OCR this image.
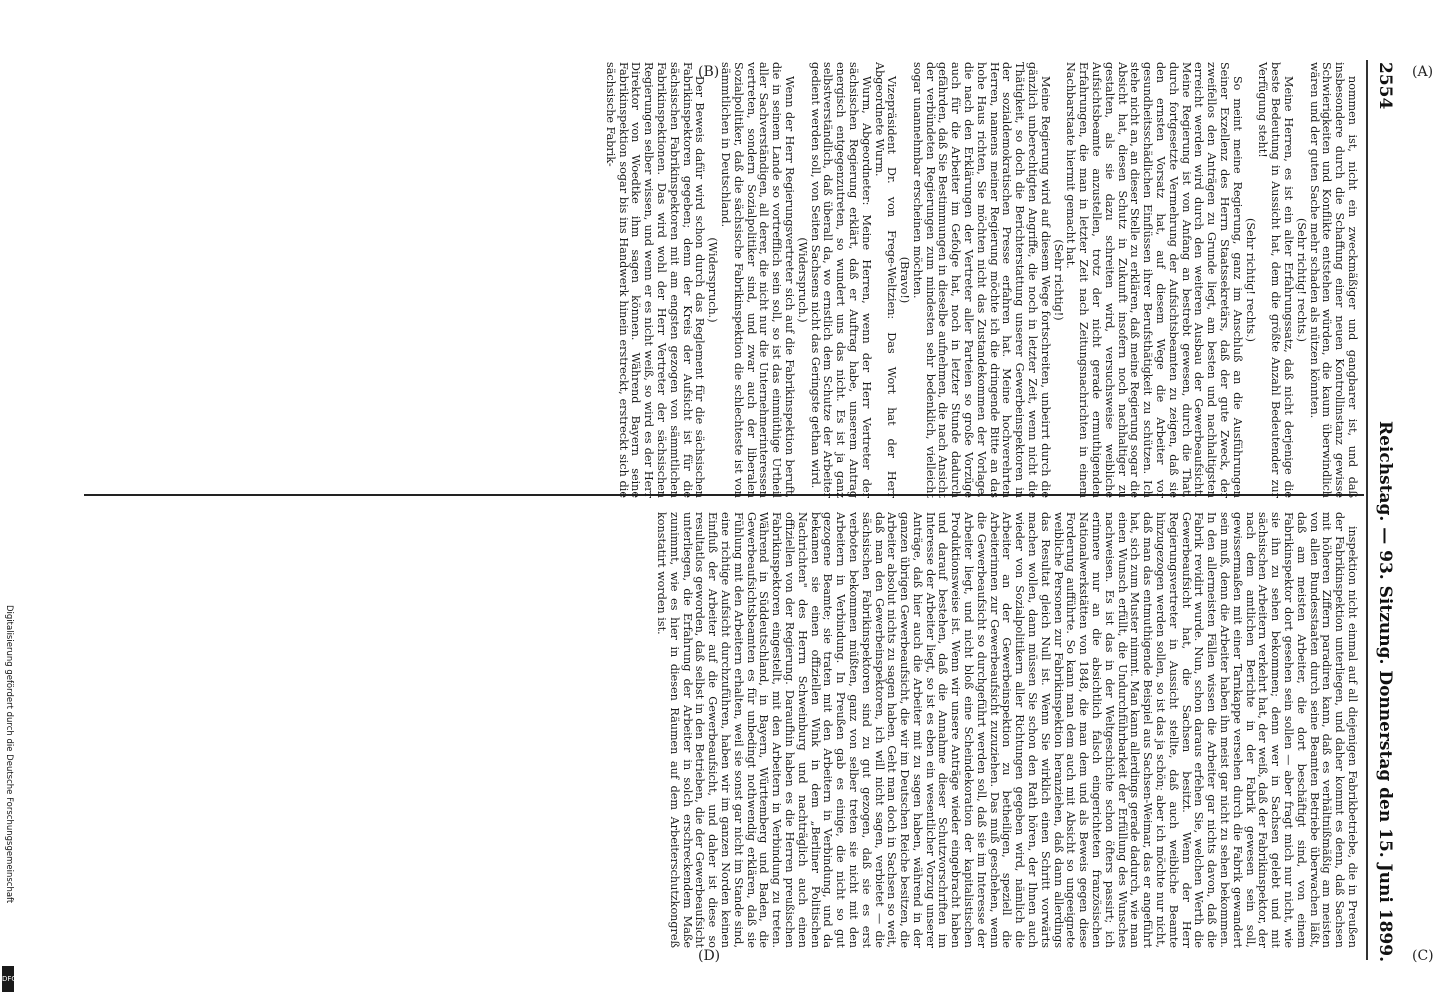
2554
Reichstag. — 93. Sitzung. Donnerstag den 15. Juni 1899.

nommen ist, nicht ein zweckmäßiger und gangbarer ist, und daß insbesondere durch die Schaffung einer neuen Kontrollinstanz gewisse Schwierigkeiten und Konflikte entstehen würden, die kaum überwindlich wären und der guten Sache mehr schaden als nützen könnten.

(Sehr richtig! rechts.)

Meine Herren, es ist ein alter Erfahrungssatz, daß nicht derjenige die beste Bedeutung in Aussicht hat, dem die größte Anzahl Bedeutender zur Verfügung steht!

(Sehr richtig! rechts.)

So meint meine Regierung, ganz im Anschluß an die Ausführungen Seiner Exzellenz des Herrn Staatssekretärs, daß der gute Zweck, der zweifellos den Anträgen zu Grunde liegt, am besten und nachhaltigsten erreicht werden wird durch den weiteren Ausbau der Gewerbeaufsicht. Meine Regierung ist von Anfang an bestrebt gewesen, durch die That, durch fortgesetzte Vermehrung der Aufsichtsbeamten zu zeigen, daß sie den ernsten Vorsatz hat, auf diesem Wege die Arbeiter vor gesundheitsschädlichen Einflüssen ihrer Berufsthätigkeit zu schützen. Ich stehe nicht an, an dieser Stelle zu erklären, daß meine Regierung sogar die Absicht hat, diesen Schutz in Zukunft insofern noch nachhaltiger zu gestalten, als sie dazu schreiten wird, versuchsweise weibliche Aufsichtsbeamte anzustellen, trotz der nicht gerade ermuthigenden Erfahrungen, die man in letzter Zeit nach Zeitungsnachrichten in einem Nachbarstaate hiermit gemacht hat.

(Sehr richtig!)

Meine Regierung wird auf diesem Wege fortschreiten, unbeirrt durch die gänzlich unberechtigten Angriffe, die noch in letzter Zeit, wenn nicht die Thätigkeit, so doch die Berichterstattung unserer Gewerbeinspektoren in der sozialdemokratischen Presse erfahren hat. Meine hochverehrten Herren, namens meiner Regierung möchte ich die dringende Bitte an das hohe Haus richten, Sie möchten nicht das Zustandekommen der Vorlage, die nach den Erklärungen der Vertreter aller Parteien so große Vorzüge auch für die Arbeiter im Gefolge hat, noch in letzter Stunde dadurch gefährden, daß Sie Bestimmungen in dieselbe aufnehmen, die nach Ansicht der verbündeten Regierungen zum mindesten sehr bedenklich, vielleicht sogar unannehmbar erscheinen möchten.

(Bravo!)

Vizepräsident Dr. von Frege-Weltzien: Das Wort hat der Herr Abgeordnete Wurm.

Wurm, Abgeordneter: Meine Herren, wenn der Herr Vertreter der sächsischen Regierung erklärt, daß er Auftrag habe, unserem Antrag energisch entgegenzutreten, so wundert uns das nicht. Es ist ja ganz selbstverständlich, daß überall da, wo ernstlich dem Schutze der Arbeiter gedient werden soll, von Seiten Sachsens nicht das Geringste gethan wird.

(Widerspruch.)

Wenn der Herr Regierungsvertreter sich auf die Fabrikinspektion beruft, die in seinem Lande so vortrefflich sein soll, so ist das einmüthige Urtheil aller Sachverständigen, all derer, die nicht nur die Unternehmerinteressen vertreten, sondern Sozialpolitiker sind, und zwar auch der liberalen Sozialpolitiker, daß die sächsische Fabrikinspektion die schlechteste ist von sämmtlichen in Deutschland.

(Widerspruch.)

Der Beweis dafür wird schon durch das Reglement für die sächsischen Fabrikinspektoren gegeben; denn der Kreis der Aufsicht ist für die sächsischen Fabrikinspektoren mit am engsten gezogen von sämmtlichen Fabrikinspektionen. Das wird wohl der Herr Vertreter der sächsischen Regierungen selber wissen, und wenn er es nicht weiß, so wird es der Herr Direktor von Woedtke ihm sagen können. Während Bayern seine Fabrikinspektion sogar bis ins Handwerk hinein erstreckt, erstreckt sich die sächsische Fabrik-

inspektion nicht einmal auf all diejenigen Fabrikbetriebe, die in Preußen der Fabrikinspektion unterliegen, und daher kommt es denn, daß Sachsen mit höheren Ziffern paradiren kann, daß es verhältnißmäßig am meisten von allen Bundesstaaten durch seine Beamten Betriebe überwachen läßt, daß am meisten Arbeiter, die dort beschäftigt sind, von einem Fabrikinspektor dort gesehen sein sollen — aber fragt mich nur nicht, wie sie ihn zu sehen bekommen; denn wer in Sachsen gelebt und mit sächsischen Arbeitern verkehrt hat, der weiß, daß der Fabrikinspektor, der nach dem amtlichen Berichte in der Fabrik gewesen sein soll, gewissermaßen mit einer Tarnkappe versehen durch die Fabrik gewandert sein muß, denn die Arbeiter haben ihn meist gar nicht zu sehen bekommen. In den allermeisten Fällen wissen die Arbeiter gar nichts davon, daß die Fabrik revidirt wurde. Nun, schon daraus erfehen Sie, welchen Werth die Gewerbeaufsicht hat, die Sachsen besitzt. Wenn der Herr Regierungsvertreter in Aussicht stellte, daß auch weibliche Beamte hinzugezogen werden sollen, so ist das ja schön; aber ich möchte nur nicht, daß man das entmuthigende Beispiel aus Sachsen-Weimar, das er angeführt hat, sich zum Muster nimmt. Man kann allerdings gerade dadurch, wie man einen Wunsch erfüllt, die Undurchführbarkeit der Erfüllung des Wunsches nachweisen. Es ist das in der Weltgeschichte schon öfters passirt; ich erinnere nur an die absichtlich falsch eingerichteten französischen Nationalwerkstätten von 1848, die man dem und als Beweis gegen diese Forderung aufführte. So kann man dem auch mit Absicht so ungeeignete weibliche Personen zur Fabrikinspektion heranziehen, daß dann allerdings das Resultat gleich Null ist. Wenn Sie wirklich einen Schritt vorwärts machen wollen, dann müssen Sie schon den Rath hören, der Ihnen auch wieder von Sozialpolitikern aller Richtungen gegeben wird, nämlich die Arbeiter an der Gewerbeinspektion zu betheiligen, speziell die Arbeiterinnen zur Gewerbeaufsicht zuzuziehen. Das muß geschehen, wenn die Gewerbeaufsicht so durchgeführt werden soll, daß sie im Interesse der Arbeiter liegt, und nicht bloß eine Scheindekoration der kapitalistischen Produktionsweise ist. Wenn wir unsere Anträge wieder eingebracht haben und darauf bestehen, daß die Annahme dieser Schutzvorschriften im Interesse der Arbeiter liegt, so ist es eben ein wesentlicher Vorzug unserer Anträge, daß hier auch die Arbeiter mit zu sagen haben, während in der ganzen übrigen Gewerbeaufsicht, die wir im Deutschen Reiche besitzen, die Arbeiter absolut nichts zu sagen haben. Geht man doch in Sachsen so weit, daß man den Gewerbeinspektoren, ich will nicht sagen, verbietet — die sächsischen Fabrikinspektoren sind zu gut gezogen, daß sie es erst verboten bekommen müßten, ganz von selber treten sie nicht mit den Arbeitern in Verbindung. In Preußen gab es einige, die nicht so gut gezogene Beamte; sie traten mit den Arbeitern in Verbindung, und da bekamen sie einen offiziellen Wink in dem „Berliner Politischen Nachrichten" des Herrn Schweinburg und nachträglich auch einen offiziellen von der Regierung. Daraufhin haben es die Herren preußischen Fabrikinspektoren eingestellt, mit den Arbeitern in Verbindung zu treten. Während in Süddeutschland, in Bayern, Württemberg und Baden, die Gewerbeaufsichtsbeamten es für unbedingt nothwendig erklären, daß sie Fühlung mit den Arbeitern erhalten, weil sie sonst gar nicht im Stande sind, eine richtige Aufsicht durchzuführen, haben wir im ganzen Norden keinen Einfluß der Arbeiter auf die Gewerbeaufsicht, und daher ist diese so resultatlos geworden, daß selbst in den Betrieben, die der Gewerbeaufsicht unterliegen, die Erfahrung der Arbeiter in solch erschreckendem Maße zunimmt, wie es hier in diesen Räumen auf dem Arbeiterschutzkongreß konstatirt worden ist.

(A)
(B)
(C)
(D)
Digitalisierung gefördert durch die Deutsche Forschungsgemeinschaft
DFG
